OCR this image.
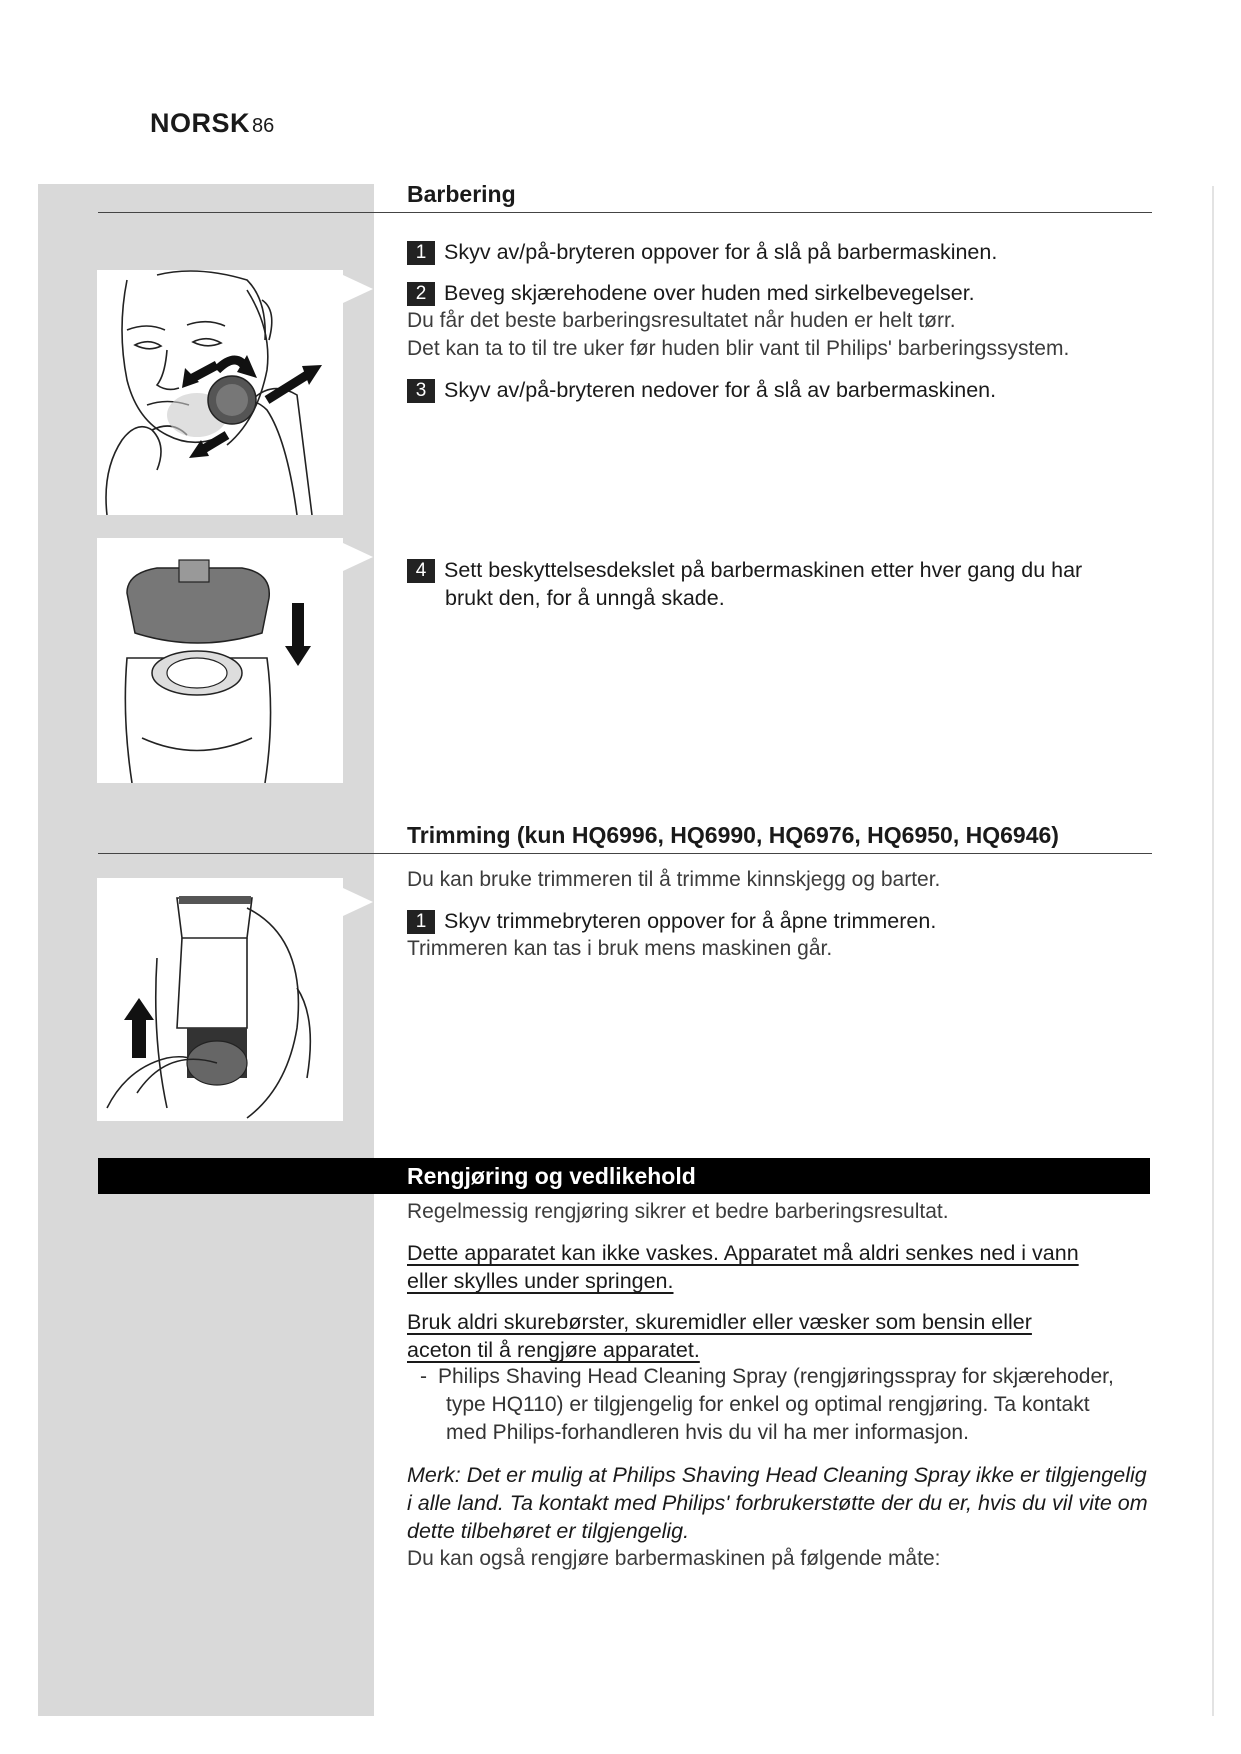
NORSK 86
Barbering
1 Skyv av/på-bryteren oppover for å slå på barbermaskinen.
2 Beveg skjærehodene over huden med sirkelbevegelser.
Du får det beste barberingsresultatet når huden er helt tørr.
Det kan ta to til tre uker før huden blir vant til Philips' barberingssystem.
3 Skyv av/på-bryteren nedover for å slå av barbermaskinen.
4 Sett beskyttelsesdekslet på barbermaskinen etter hver gang du har
brukt den, for å unngå skade.
Trimming (kun HQ6996, HQ6990, HQ6976, HQ6950, HQ6946)
Du kan bruke trimmeren til å trimme kinnskjegg og barter.
1 Skyv trimmebryteren oppover for å åpne trimmeren.
Trimmeren kan tas i bruk mens maskinen går.
Rengjøring og vedlikehold
Regelmessig rengjøring sikrer et bedre barberingsresultat.
Dette apparatet kan ikke vaskes. Apparatet må aldri senkes ned i vann
eller skylles under springen.
Bruk aldri skurebørster, skuremidler eller væsker som bensin eller
aceton til å rengjøre apparatet.
- Philips Shaving Head Cleaning Spray (rengjøringsspray for skjærehoder,
type HQ110) er tilgjengelig for enkel og optimal rengjøring. Ta kontakt
med Philips-forhandleren hvis du vil ha mer informasjon.
Merk: Det er mulig at Philips Shaving Head Cleaning Spray ikke er tilgjengelig
i alle land. Ta kontakt med Philips' forbrukerstøtte der du er, hvis du vil vite om
dette tilbehøret er tilgjengelig.
Du kan også rengjøre barbermaskinen på følgende måte:
